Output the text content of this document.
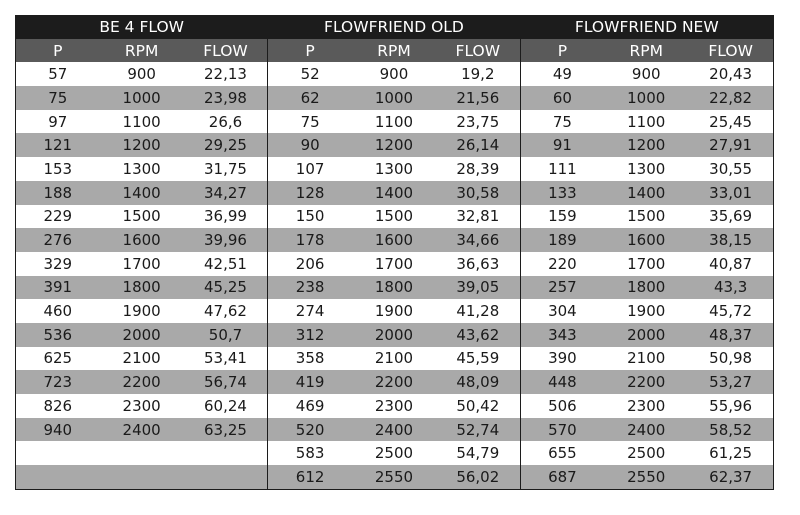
BE 4 FLOW			FLOWFRIEND OLD			FLOWFRIEND NEW		
P	RPM	FLOW	P	RPM	FLOW	P	RPM	FLOW
57	900	22,13	52	900	19,2	49	900	20,43
75	1000	23,98	62	1000	21,56	60	1000	22,82
97	1100	26,6	75	1100	23,75	75	1100	25,45
121	1200	29,25	90	1200	26,14	91	1200	27,91
153	1300	31,75	107	1300	28,39	111	1300	30,55
188	1400	34,27	128	1400	30,58	133	1400	33,01
229	1500	36,99	150	1500	32,81	159	1500	35,69
276	1600	39,96	178	1600	34,66	189	1600	38,15
329	1700	42,51	206	1700	36,63	220	1700	40,87
391	1800	45,25	238	1800	39,05	257	1800	43,3
460	1900	47,62	274	1900	41,28	304	1900	45,72
536	2000	50,7	312	2000	43,62	343	2000	48,37
625	2100	53,41	358	2100	45,59	390	2100	50,98
723	2200	56,74	419	2200	48,09	448	2200	53,27
826	2300	60,24	469	2300	50,42	506	2300	55,96
940	2400	63,25	520	2400	52,74	570	2400	58,52
			583	2500	54,79	655	2500	61,25
			612	2550	56,02	687	2550	62,37
